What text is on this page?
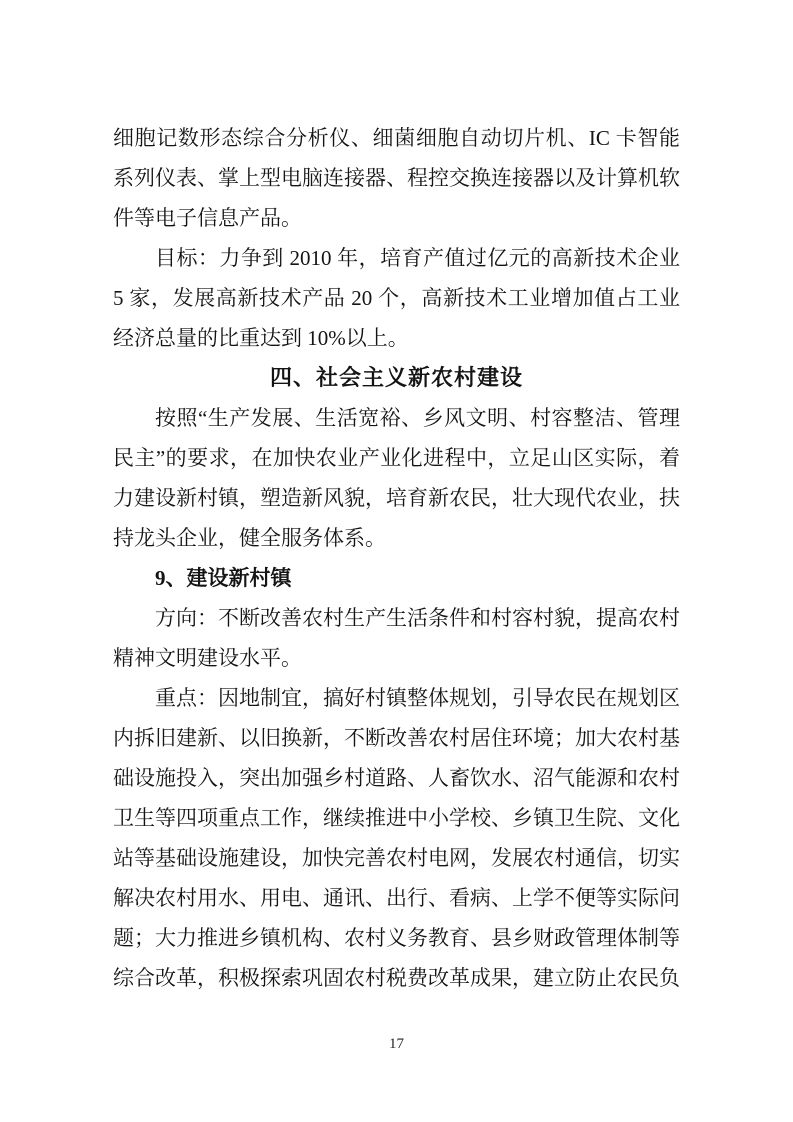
细胞记数形态综合分析仪、细菌细胞自动切片机、IC 卡智能系列仪表、掌上型电脑连接器、程控交换连接器以及计算机软件等电子信息产品。

目标：力争到 2010 年，培育产值过亿元的高新技术企业 5 家，发展高新技术产品 20 个，高新技术工业增加值占工业经济总量的比重达到 10%以上。

四、社会主义新农村建设

按照“生产发展、生活宽裕、乡风文明、村容整洁、管理民主”的要求，在加快农业产业化进程中，立足山区实际，着力建设新村镇，塑造新风貌，培育新农民，壮大现代农业，扶持龙头企业，健全服务体系。

9、建设新村镇

方向：不断改善农村生产生活条件和村容村貌，提高农村精神文明建设水平。

重点：因地制宜，搞好村镇整体规划，引导农民在规划区内拆旧建新、以旧换新，不断改善农村居住环境；加大农村基础设施投入，突出加强乡村道路、人畜饮水、沼气能源和农村卫生等四项重点工作，继续推进中小学校、乡镇卫生院、文化站等基础设施建设，加快完善农村电网，发展农村通信，切实解决农村用水、用电、通讯、出行、看病、上学不便等实际问题；大力推进乡镇机构、农村义务教育、县乡财政管理体制等综合改革，积极探索巩固农村税费改革成果，建立防止农民负

17
